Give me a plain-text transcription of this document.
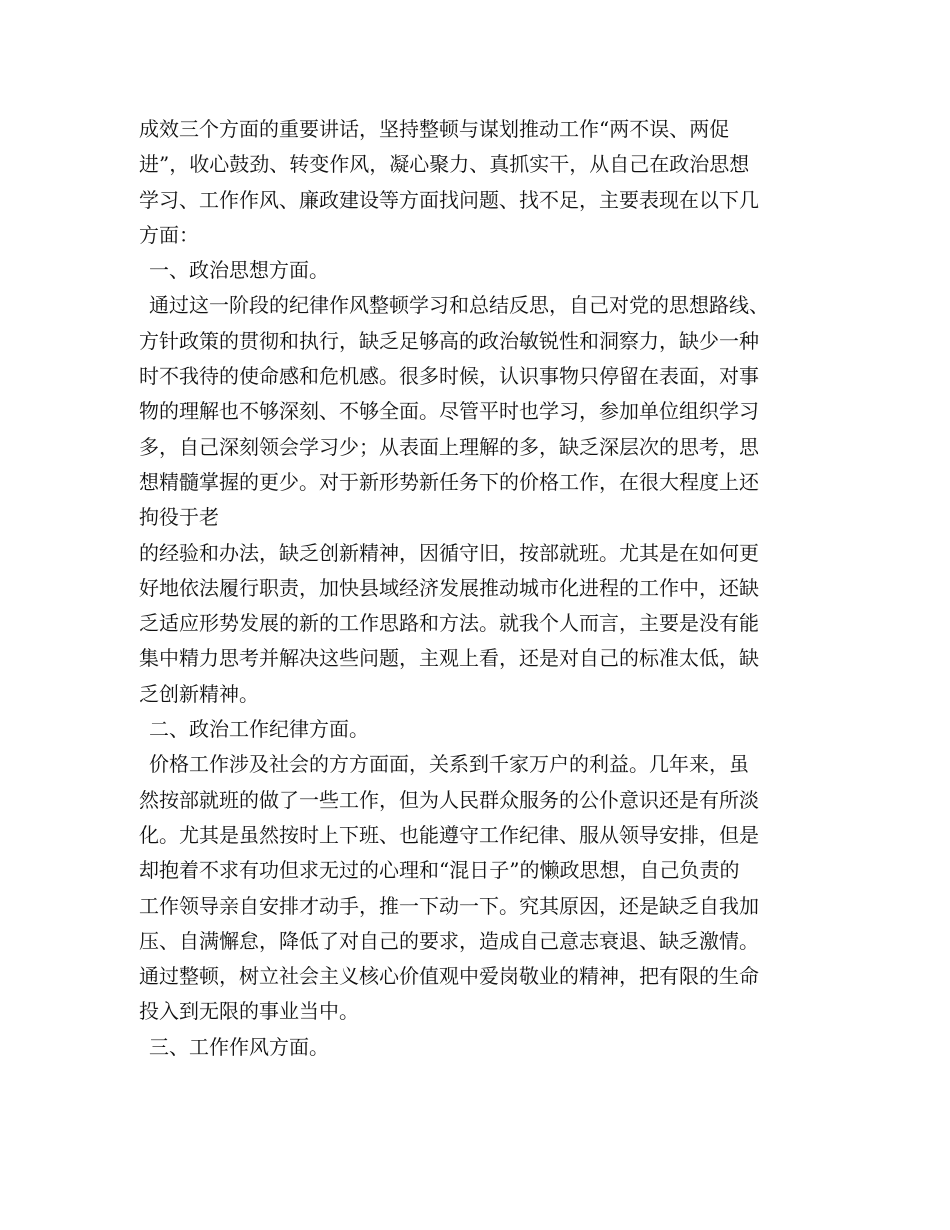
成效三个方面的重要讲话，坚持整顿与谋划推动工作“两不误、两促
进”，收心鼓劲、转变作风，凝心聚力、真抓实干，从自己在政治思想
学习、工作作风、廉政建设等方面找问题、找不足，主要表现在以下几
方面：
一、政治思想方面。
通过这一阶段的纪律作风整顿学习和总结反思，自己对党的思想路线、
方针政策的贯彻和执行，缺乏足够高的政治敏锐性和洞察力，缺少一种
时不我待的使命感和危机感。很多时候，认识事物只停留在表面，对事
物的理解也不够深刻、不够全面。尽管平时也学习，参加单位组织学习
多，自己深刻领会学习少；从表面上理解的多，缺乏深层次的思考，思
想精髓掌握的更少。对于新形势新任务下的价格工作，在很大程度上还
拘役于老
的经验和办法，缺乏创新精神，因循守旧，按部就班。尤其是在如何更
好地依法履行职责，加快县域经济发展推动城市化进程的工作中，还缺
乏适应形势发展的新的工作思路和方法。就我个人而言，主要是没有能
集中精力思考并解决这些问题，主观上看，还是对自己的标准太低，缺
乏创新精神。
二、政治工作纪律方面。
价格工作涉及社会的方方面面，关系到千家万户的利益。几年来，虽
然按部就班的做了一些工作，但为人民群众服务的公仆意识还是有所淡
化。尤其是虽然按时上下班、也能遵守工作纪律、服从领导安排，但是
却抱着不求有功但求无过的心理和“混日子”的懒政思想，自己负责的
工作领导亲自安排才动手，推一下动一下。究其原因，还是缺乏自我加
压、自满懈怠，降低了对自己的要求，造成自己意志衰退、缺乏激情。
通过整顿，树立社会主义核心价值观中爱岗敬业的精神，把有限的生命
投入到无限的事业当中。
三、工作作风方面。
